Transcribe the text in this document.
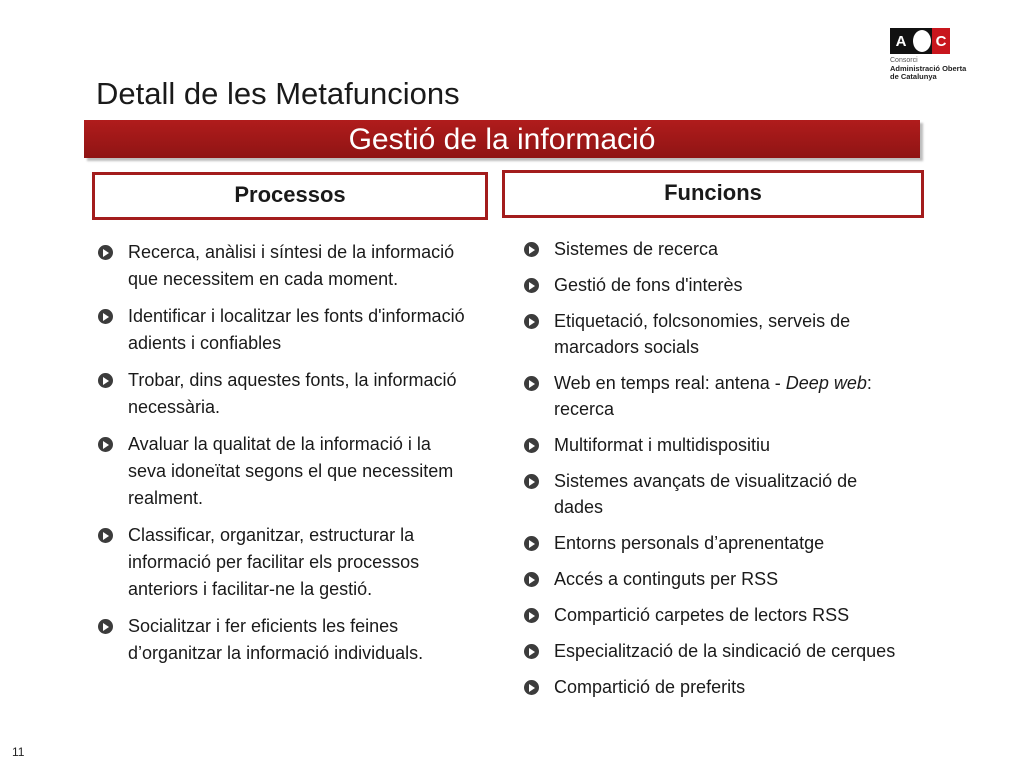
A	C
Consorci
Administració Oberta
de Catalunya
Detall de les Metafuncions
Gestió de la informació
Processos	Funcions
Recerca, anàlisi i síntesi de la informació que necessitem en cada moment.
Identificar i localitzar les fonts d'informació adients i confiables
Trobar, dins aquestes fonts, la informació necessària.
Avaluar la qualitat de la informació i la seva idoneïtat segons el que necessitem realment.
Classificar, organitzar, estructurar la informació per facilitar els processos anteriors i facilitar-ne la gestió.
Socialitzar i fer eficients les feines d’organitzar la informació individuals.
Sistemes de recerca
Gestió de fons d'interès
Etiquetació, folcsonomies, serveis de marcadors socials
Web en temps real: antena - Deep web: recerca
Multiformat i multidispositiu
Sistemes avançats de visualització de dades
Entorns personals d’aprenentatge
Accés a continguts per RSS
Compartició carpetes de lectors RSS
Especialització de la sindicació de cerques
Compartició de preferits
11
